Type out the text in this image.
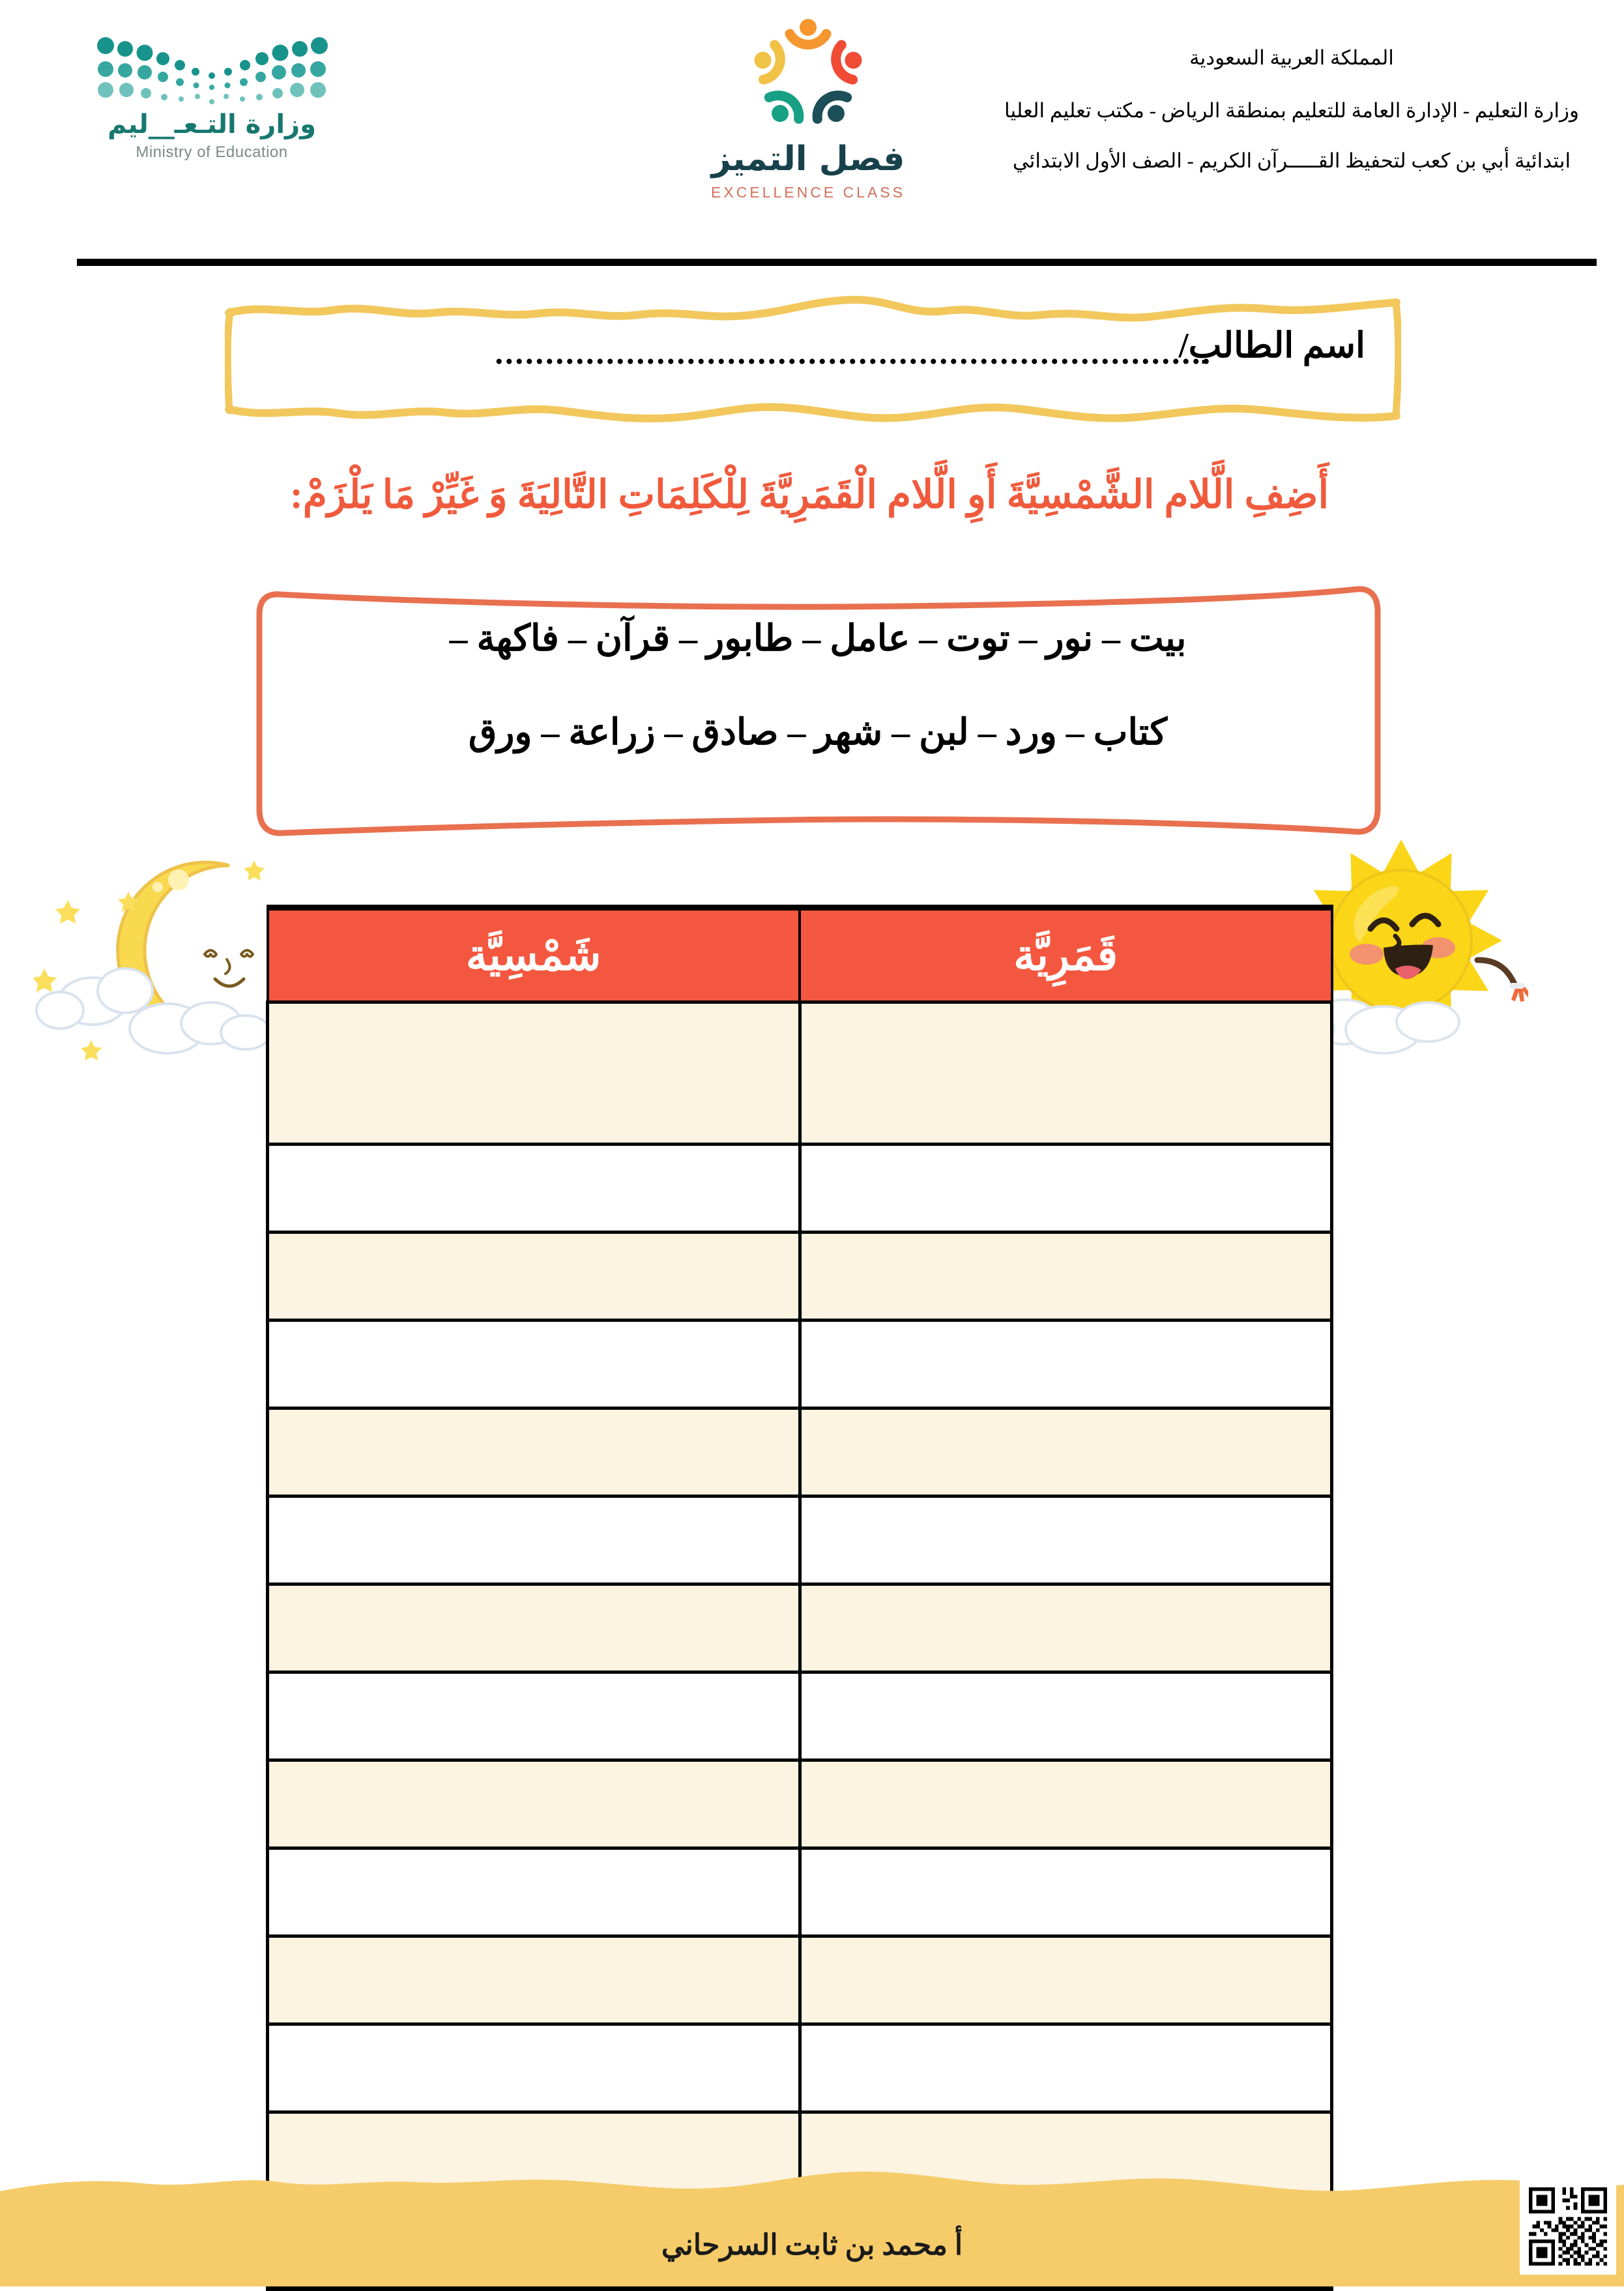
وزارة التـعـ__ليم
Ministry of Education	فصل التميز
EXCELLENCE CLASS
المملكة العربية السعودية
وزارة التعليم - الإدارة العامة للتعليم بمنطقة الرياض - مكتب تعليم العليا
ابتدائية أبي بن كعب لتحفيظ القـــــرآن الكريم - الصف الأول الابتدائي
اسم الطالب/
.......................................................................
أَضِفِ الَّلام الشَّمْسِيَّةَ أَوِ الَّلام الْقَمَرِيَّةَ لِلْكَلِمَاتِ التَّالِيَةَ وَ غَيِّرْ مَا يَلْزَمْ:
بيت – نور – توت – عامل – طابور – قرآن – فاكهة –
كتاب – ورد – لبن – شهر – صادق – زراعة – ورق
قَمَرِيَّة	شَمْسِيَّة

أ محمد بن ثابت السرحاني
